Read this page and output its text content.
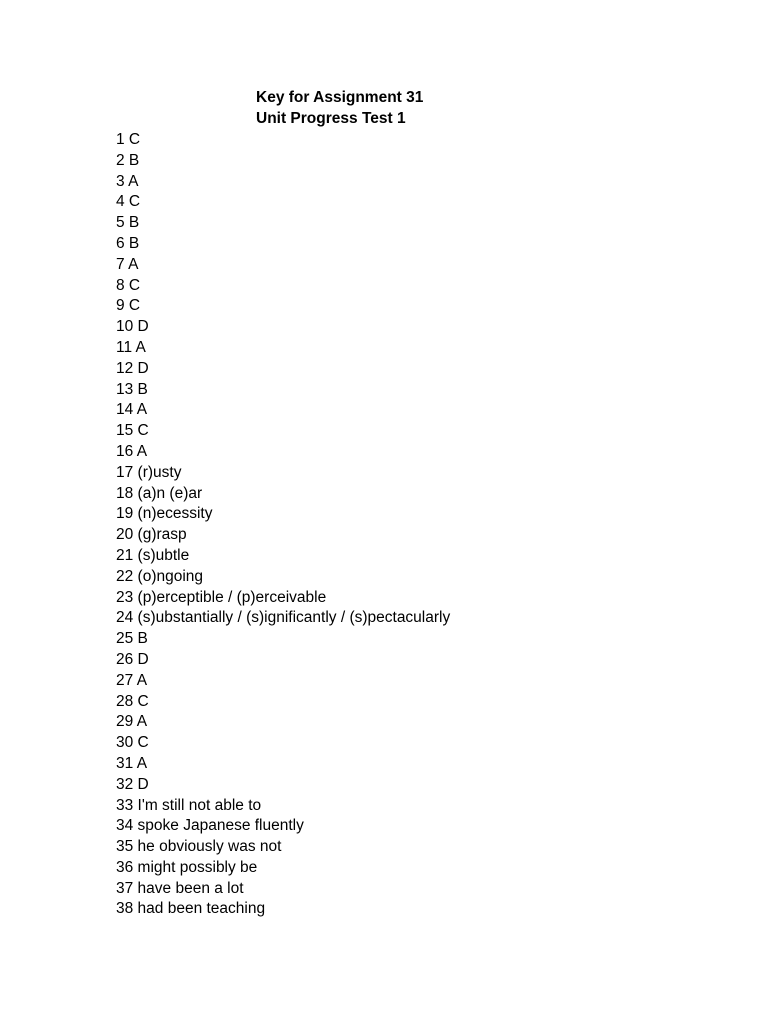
Key for Assignment 31
Unit Progress Test 1
1 C
2 B
3 A
4 C
5 B
6 B
7 A
8 C
9 C
10 D
11 A
12 D
13 B
14 A
15 C
16 A
17 (r)usty
18 (a)n (e)ar
19 (n)ecessity
20 (g)rasp
21 (s)ubtle
22 (o)ngoing
23 (p)erceptible / (p)erceivable
24 (s)ubstantially / (s)ignificantly / (s)pectacularly
25 B
26 D
27 A
28 C
29 A
30 C
31 A
32 D
33 I'm still not able to
34 spoke Japanese fluently
35 he obviously was not
36 might possibly be
37 have been a lot
38 had been teaching
